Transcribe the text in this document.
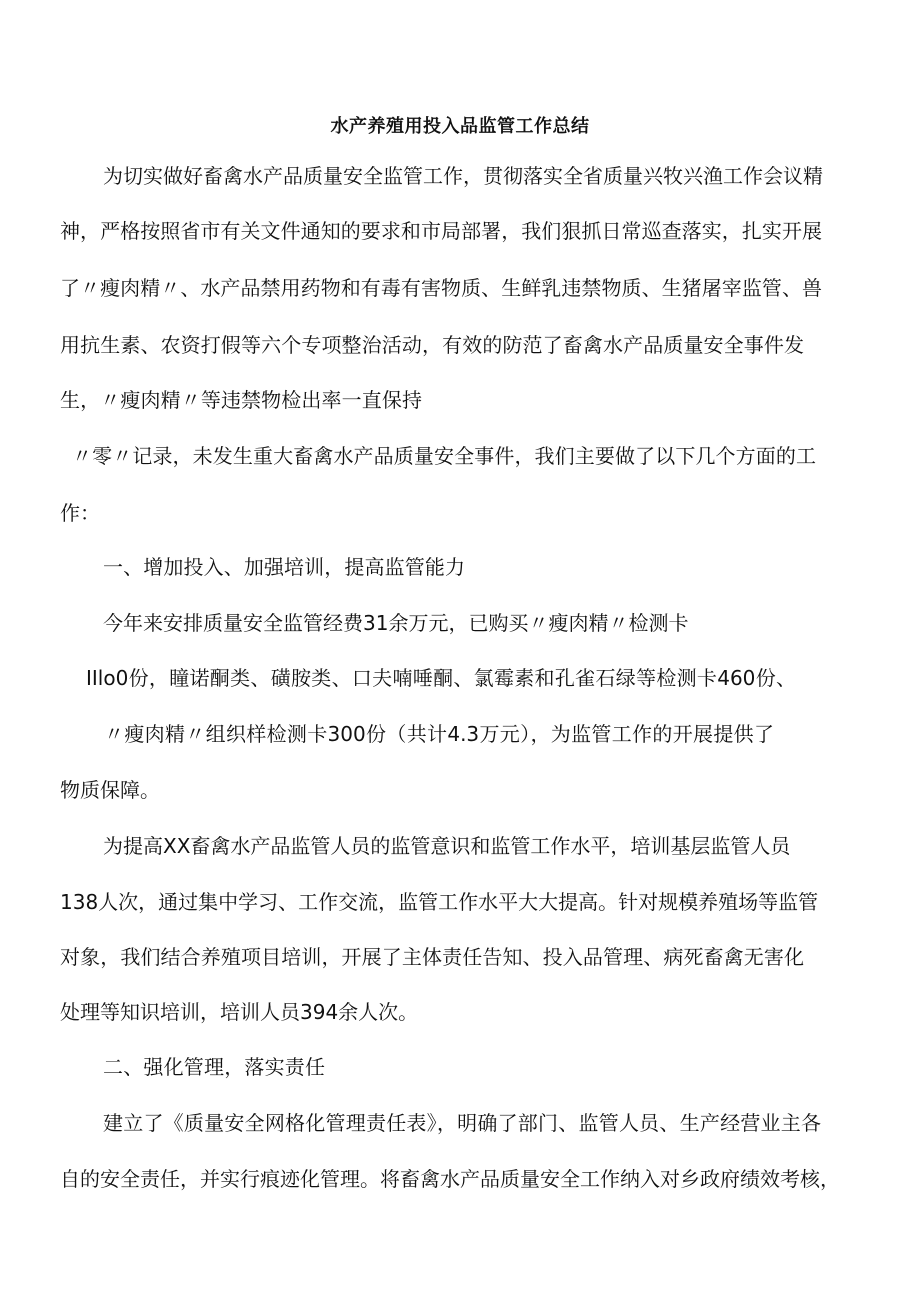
水产养殖用投入品监管工作总结
为切实做好畜禽水产品质量安全监管工作，贯彻落实全省质量兴牧兴渔工作会议精
神，严格按照省市有关文件通知的要求和市局部署，我们狠抓日常巡查落实，扎实开展
了〃瘦肉精〃、水产品禁用药物和有毒有害物质、生鲜乳违禁物质、生猪屠宰监管、兽
用抗生素、农资打假等六个专项整治活动，有效的防范了畜禽水产品质量安全事件发
生，〃瘦肉精〃等违禁物检出率一直保持
〃零〃记录，未发生重大畜禽水产品质量安全事件，我们主要做了以下几个方面的工
作：
一、增加投入、加强培训，提高监管能力
今年来安排质量安全监管经费31余万元，已购买〃瘦肉精〃检测卡
IIlo0份，瞳诺酮类、磺胺类、口夫喃唾酮、氯霉素和孔雀石绿等检测卡460份、
〃瘦肉精〃组织样检测卡300份（共计4.3万元），为监管工作的开展提供了
物质保障。
为提高XX畜禽水产品监管人员的监管意识和监管工作水平，培训基层监管人员
138人次，通过集中学习、工作交流，监管工作水平大大提高。针对规模养殖场等监管
对象，我们结合养殖项目培训，开展了主体责任告知、投入品管理、病死畜禽无害化
处理等知识培训，培训人员394余人次。
二、强化管理，落实责任
建立了《质量安全网格化管理责任表》，明确了部门、监管人员、生产经营业主各
自的安全责任，并实行痕迹化管理。将畜禽水产品质量安全工作纳入对乡政府绩效考核，
